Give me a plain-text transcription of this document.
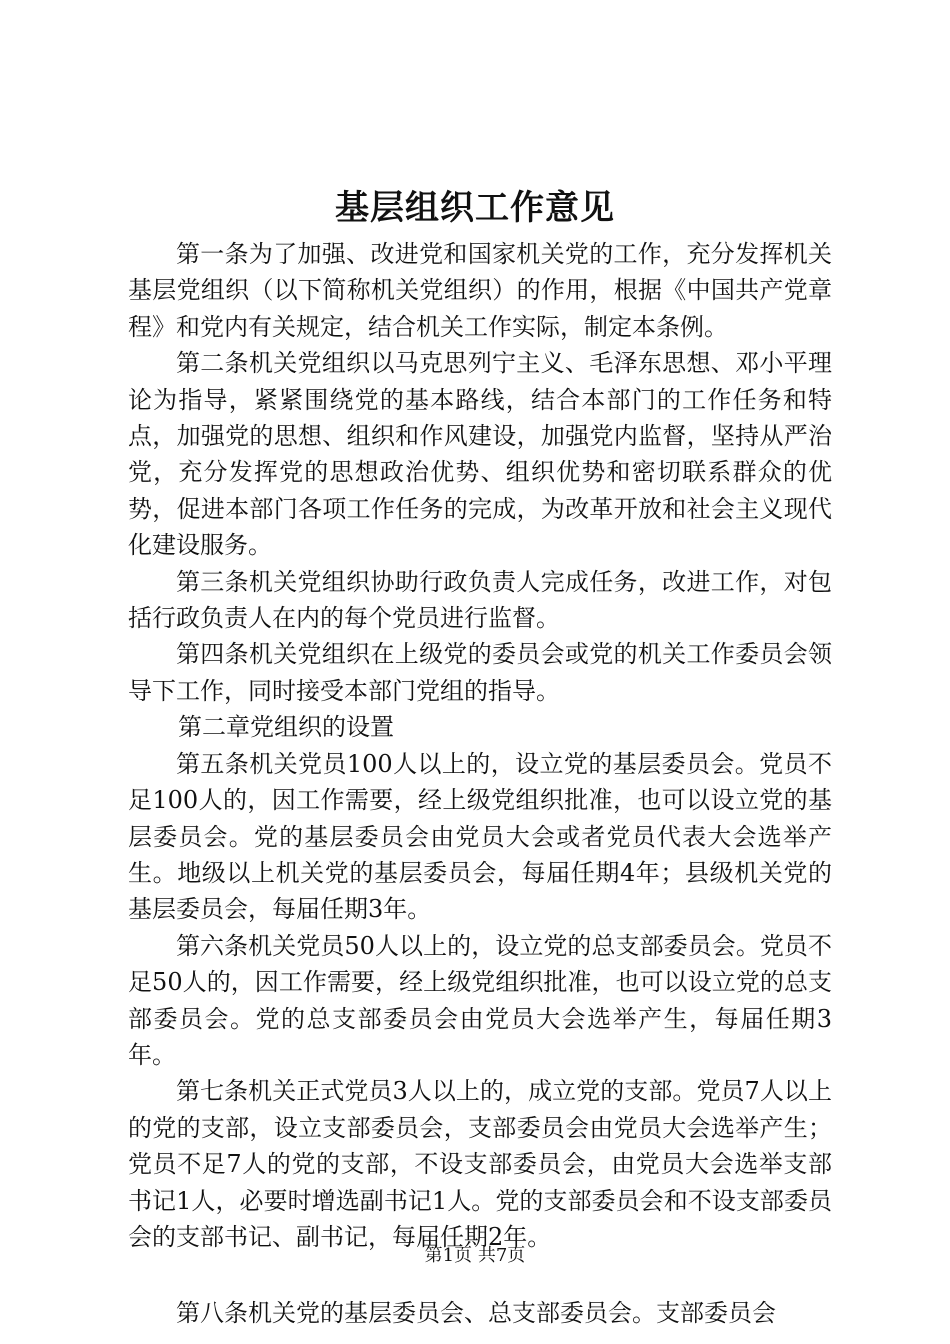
基层组织工作意见

第一条为了加强、改进党和国家机关党的工作，充分发挥机关基层党组织（以下简称机关党组织）的作用，根据《中国共产党章程》和党内有关规定，结合机关工作实际，制定本条例。

第二条机关党组织以马克思列宁主义、毛泽东思想、邓小平理论为指导，紧紧围绕党的基本路线，结合本部门的工作任务和特点，加强党的思想、组织和作风建设，加强党内监督，坚持从严治党，充分发挥党的思想政治优势、组织优势和密切联系群众的优势，促进本部门各项工作任务的完成，为改革开放和社会主义现代化建设服务。

第三条机关党组织协助行政负责人完成任务，改进工作，对包括行政负责人在内的每个党员进行监督。

第四条机关党组织在上级党的委员会或党的机关工作委员会领导下工作，同时接受本部门党组的指导。

第二章党组织的设置

第五条机关党员100人以上的，设立党的基层委员会。党员不足100人的，因工作需要，经上级党组织批准，也可以设立党的基层委员会。党的基层委员会由党员大会或者党员代表大会选举产生。地级以上机关党的基层委员会，每届任期4年；县级机关党的基层委员会，每届任期3年。

第六条机关党员50人以上的，设立党的总支部委员会。党员不足50人的，因工作需要，经上级党组织批准，也可以设立党的总支部委员会。党的总支部委员会由党员大会选举产生，每届任期3年。

第七条机关正式党员3人以上的，成立党的支部。党员7人以上的党的支部，设立支部委员会，支部委员会由党员大会选举产生；党员不足7人的党的支部，不设支部委员会，由党员大会选举支部书记1人，必要时增选副书记1人。党的支部委员会和不设支部委员会的支部书记、副书记，每届任期2年。

第八条机关党的基层委员会、总支部委员会。支部委员会

第1页 共7页
